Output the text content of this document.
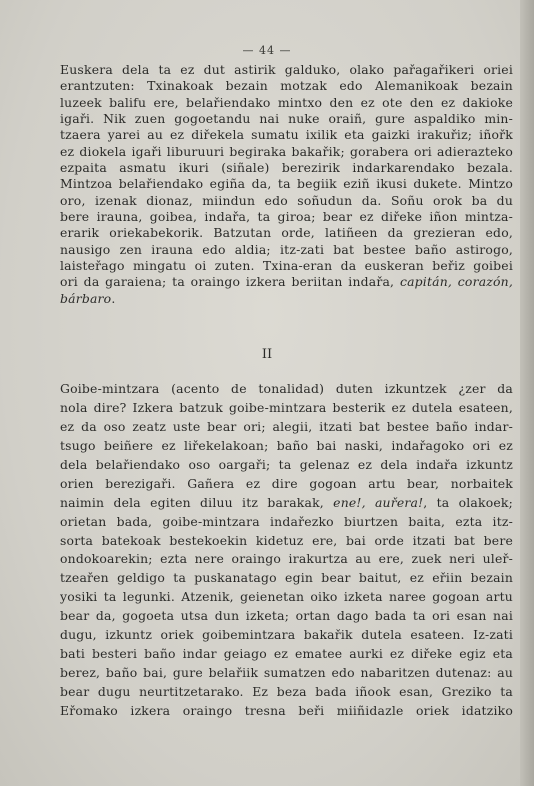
— 44 —
Euskera dela ta ez dut astirik galduko, olako pařagařikeri oriei
erantzuten: Txinakoak bezain motzak edo Alemanikoak bezain
luzeek balifu ere, belařiendako mintxo den ez ote den ez dakioke
igaři. Nik zuen gogoetandu nai nuke oraiñ, gure aspaldiko min-
tzaera yarei au ez diřekela sumatu ixilik eta gaizki irakuřiz; iñořk
ez diokela igaři liburuuri begiraka bakařik; gorabera ori adierazteko
ezpaita asmatu ikuri (siñale) berezirik indarkarendako bezala.
Mintzoa belařiendako egiña da, ta begiik eziñ ikusi dukete. Mintzo
oro, izenak dionaz, miindun edo soñudun da. Soñu orok ba du
bere irauna, goibea, indařa, ta giroa; bear ez diřeke iñon mintza-
erarik oriekabekorik. Batzutan orde, latiñeen da grezieran edo,
nausigo zen irauna edo aldia; itz-zati bat bestee baño astirogo,
laisteřago mingatu oi zuten. Txina-eran da euskeran beřiz goibei
ori da garaiena; ta oraingo izkera beriitan indařa, capitán, corazón,
bárbaro.
II
Goibe-mintzara (acento de tonalidad) duten izkuntzek ¿zer da
nola dire? Izkera batzuk goibe-mintzara besterik ez dutela esateen,
ez da oso zeatz uste bear ori; alegii, itzati bat bestee baño indar-
tsugo beiñere ez liřekelakoan; baño bai naski, indařagoko ori ez
dela belařiendako oso oargaři; ta gelenaz ez dela indařa izkuntz
orien berezigaři. Gañera ez dire gogoan artu bear, norbaitek
naimin dela egiten diluu itz barakak, ene!, auřera!, ta olakoek;
orietan bada, goibe-mintzara indařezko biurtzen baita, ezta itz-
sorta batekoak bestekoekin kidetuz ere, bai orde itzati bat bere
ondokoarekin; ezta nere oraingo irakurtza au ere, zuek neri uleř-
tzeařen geldigo ta puskanatago egin bear baitut, ez eřiin bezain
yosiki ta legunki. Atzenik, geienetan oiko izketa naree gogoan artu
bear da, gogoeta utsa dun izketa; ortan dago bada ta ori esan nai
dugu, izkuntz oriek goibemintzara bakařik dutela esateen. Iz-zati
bati besteri baño indar geiago ez ematee aurki ez diřeke egiz eta
berez, baño bai, gure belařiik sumatzen edo nabaritzen dutenaz: au
bear dugu neurtitzetarako. Ez beza bada iñook esan, Greziko ta
Eřomako izkera oraingo tresna beři miiñidazle oriek idatziko
